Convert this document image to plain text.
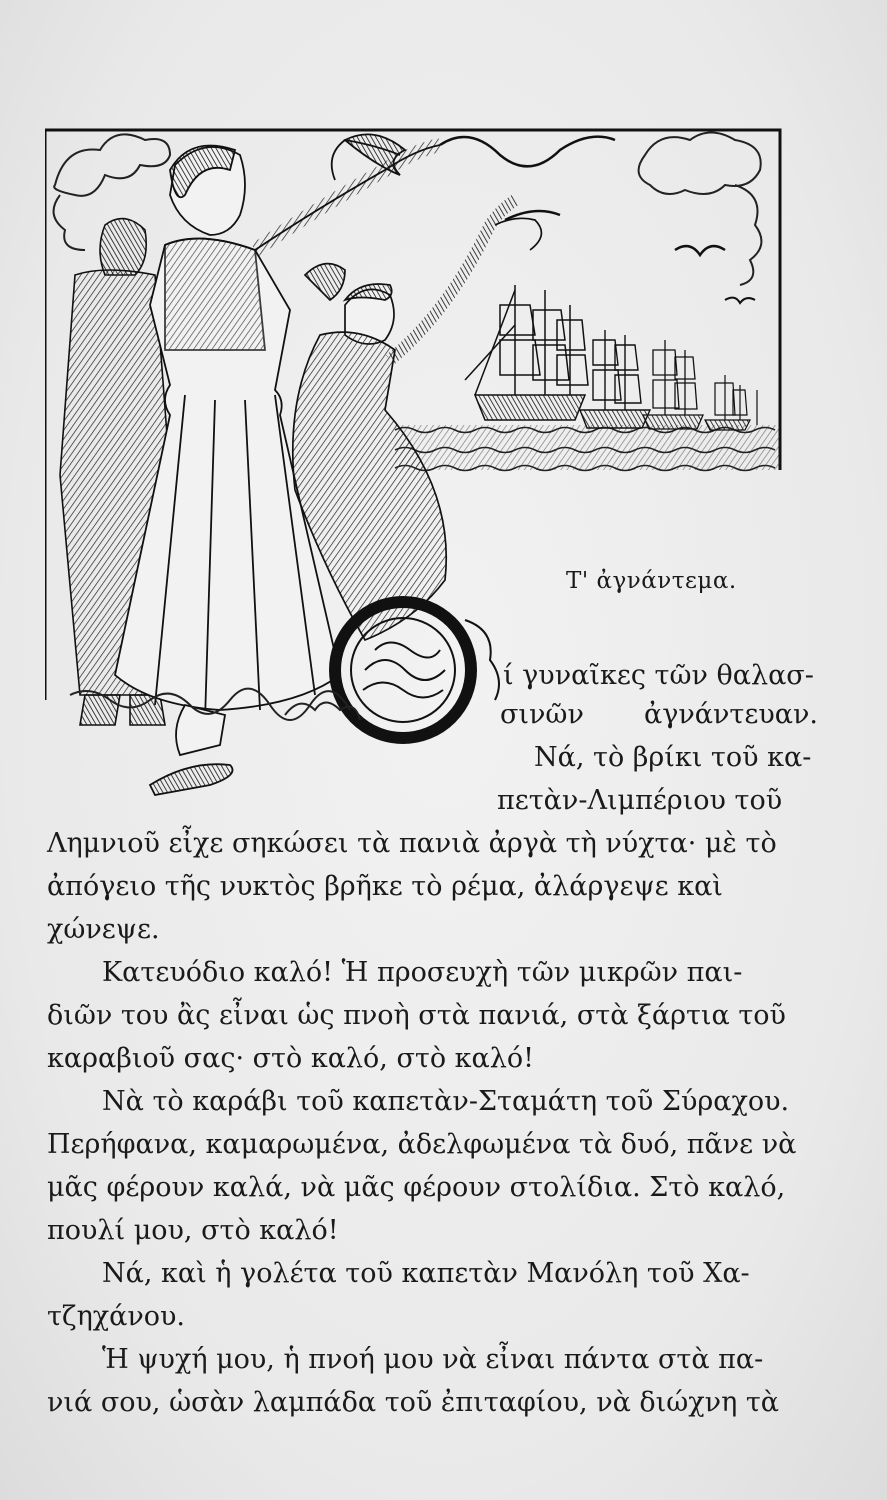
Τ' ἀγνάντεμα.
ί γυναῖκες τῶν θαλασ-
σινῶν ἀγνάντευαν.
Νά, τὸ βρίκι τοῦ κα-
πετὰν-Λιμπέριου τοῦ
Λημνιοῦ εἶχε σηκώσει τὰ πανιὰ ἀργὰ τὴ νύχτα· μὲ τὸ
ἀπόγειο τῆς νυκτὸς βρῆκε τὸ ρέμα, ἀλάργεψε καὶ
χώνεψε.
Κατευόδιο καλό! Ἡ προσευχὴ τῶν μικρῶν παι-
διῶν του ἂς εἶναι ὡς πνοὴ στὰ πανιά, στὰ ξάρτια τοῦ
καραβιοῦ σας· στὸ καλό, στὸ καλό!
Νὰ τὸ καράβι τοῦ καπετὰν-Σταμάτη τοῦ Σύραχου.
Περήφανα, καμαρωμένα, ἀδελφωμένα τὰ δυό, πᾶνε νὰ
μᾶς φέρουν καλά, νὰ μᾶς φέρουν στολίδια. Στὸ καλό,
πουλί μου, στὸ καλό!
Νά, καὶ ἡ γολέτα τοῦ καπετὰν Μανόλη τοῦ Χα-
τζηχάνου.
Ἡ ψυχή μου, ἡ πνοή μου νὰ εἶναι πάντα στὰ πα-
νιά σου, ὡσὰν λαμπάδα τοῦ ἐπιταφίου, νὰ διώχνη τὰ
